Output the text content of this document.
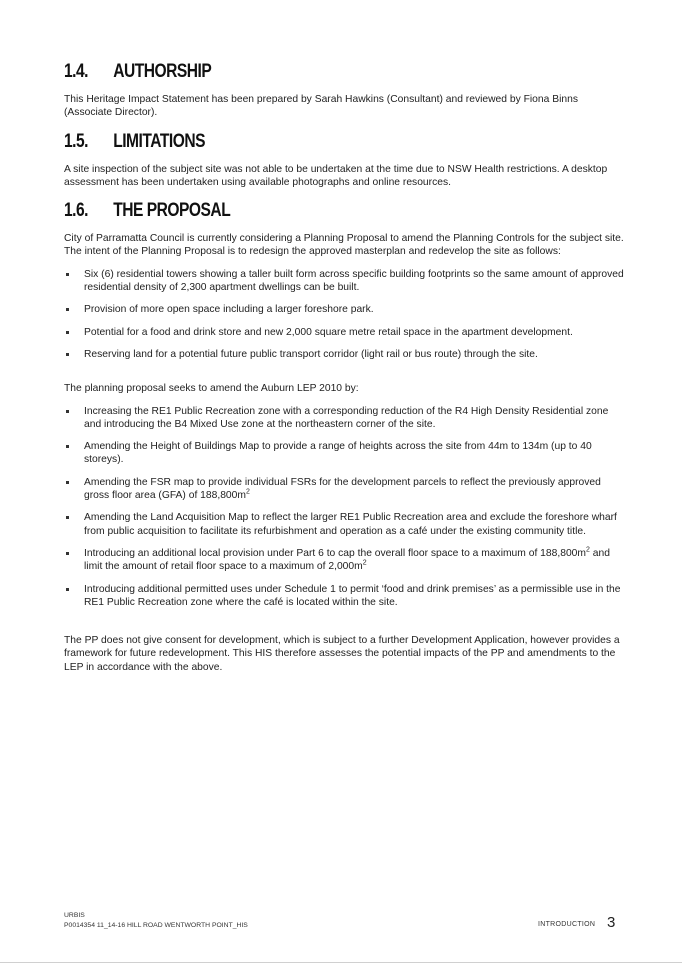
1.4. AUTHORSHIP

This Heritage Impact Statement has been prepared by Sarah Hawkins (Consultant) and reviewed by Fiona Binns (Associate Director).

1.5. LIMITATIONS

A site inspection of the subject site was not able to be undertaken at the time due to NSW Health restrictions. A desktop assessment has been undertaken using available photographs and online resources.

1.6. THE PROPOSAL

City of Parramatta Council is currently considering a Planning Proposal to amend the Planning Controls for the subject site. The intent of the Planning Proposal is to redesign the approved masterplan and redevelop the site as follows:

Six (6) residential towers showing a taller built form across specific building footprints so the same amount of approved residential density of 2,300 apartment dwellings can be built.
Provision of more open space including a larger foreshore park.
Potential for a food and drink store and new 2,000 square metre retail space in the apartment development.
Reserving land for a potential future public transport corridor (light rail or bus route) through the site.

The planning proposal seeks to amend the Auburn LEP 2010 by:

Increasing the RE1 Public Recreation zone with a corresponding reduction of the R4 High Density Residential zone and introducing the B4 Mixed Use zone at the northeastern corner of the site.
Amending the Height of Buildings Map to provide a range of heights across the site from 44m to 134m (up to 40 storeys).
Amending the FSR map to provide individual FSRs for the development parcels to reflect the previously approved gross floor area (GFA) of $188,800m^2$
Amending the Land Acquisition Map to reflect the larger RE1 Public Recreation area and exclude the foreshore wharf from public acquisition to facilitate its refurbishment and operation as a café under the existing community title.
Introducing an additional local provision under Part 6 to cap the overall floor space to a maximum of $188,800m^2$ and limit the amount of retail floor space to a maximum of $2,000m^2$
Introducing additional permitted uses under Schedule 1 to permit ‘food and drink premises’ as a permissible use in the RE1 Public Recreation zone where the café is located within the site.

The PP does not give consent for development, which is subject to a further Development Application, however provides a framework for future redevelopment. This HIS therefore assesses the potential impacts of the PP and amendments to the LEP in accordance with the above.

URBIS
P0014354 11_14-16 HILL ROAD WENTWORTH POINT_HIS	INTRODUCTION 3
